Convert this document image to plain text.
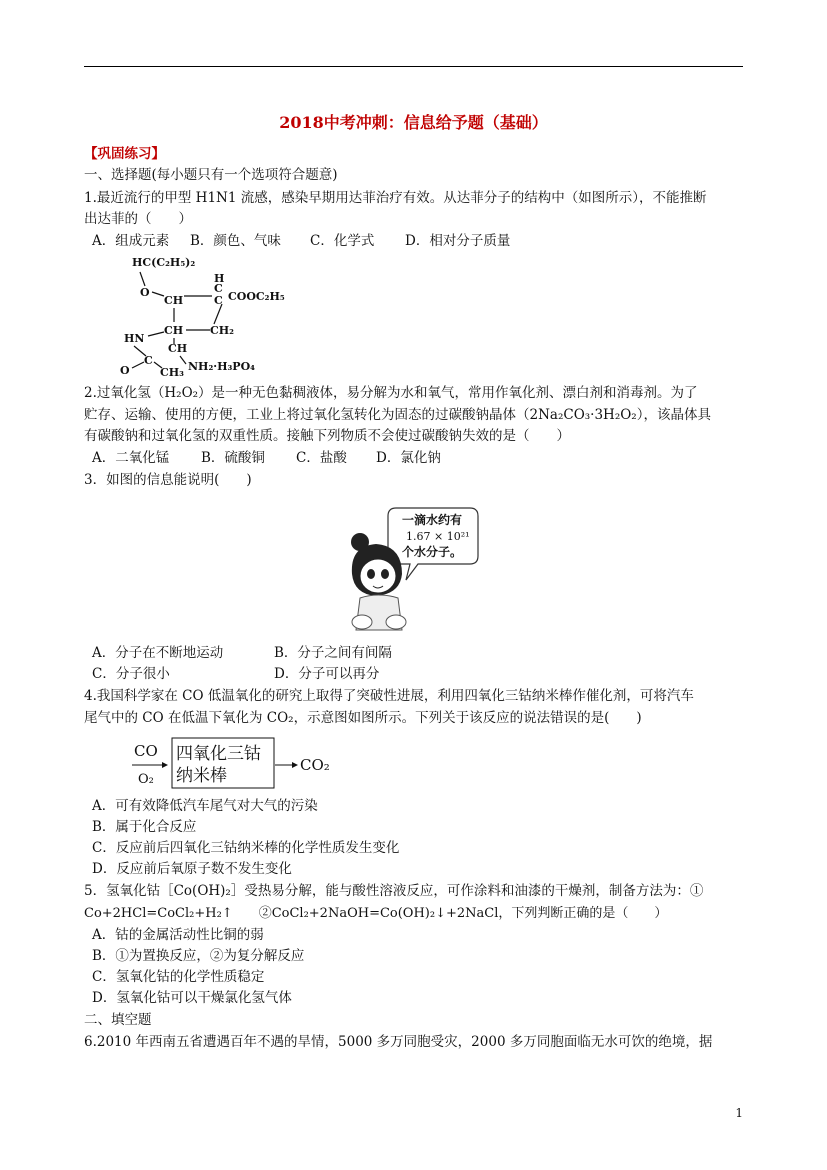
2018中考冲刺：信息给予题（基础）
【巩固练习】
一、选择题(每小题只有一个选项符合题意)
1.最近流行的甲型 H1N1 流感，感染早期用达菲治疗有效。从达菲分子的结构中（如图所示），不能推断
出达菲的（　　）
A．组成元素 B．颜色、气味 C．化学式 D．相对分子质量
HC(C₂H₅)₂
O
CH
C
H
C COOC₂H₅
CH₂
CH
HN
CH
O
C
CH₃ NH₂·H₃PO₄
2.过氧化氢（H₂O₂）是一种无色黏稠液体，易分解为水和氧气，常用作氧化剂、漂白剂和消毒剂。为了
贮存、运输、使用的方便，工业上将过氧化氢转化为固态的过碳酸钠晶体（2Na₂CO₃·3H₂O₂），该晶体具
有碳酸钠和过氧化氢的双重性质。接触下列物质不会使过碳酸钠失效的是（　　）
A．二氧化锰 B．硫酸铜 C．盐酸 D．氯化钠
3．如图的信息能说明(　　)
一滴水约有
1.67 × 10²¹
个水分子。
A．分子在不断地运动	B．分子之间有间隔
C．分子很小	D．分子可以再分
4.我国科学家在 CO 低温氧化的研究上取得了突破性进展，利用四氧化三钴纳米棒作催化剂，可将汽车
尾气中的 CO 在低温下氧化为 CO₂，示意图如图所示。下列关于该反应的说法错误的是(　　)
CO
O₂
四氧化三钴
纳米棒
CO₂
A．可有效降低汽车尾气对大气的污染
B．属于化合反应
C．反应前后四氧化三钴纳米棒的化学性质发生变化
D．反应前后氧原子数不发生变化
5．氢氧化钴［Co(OH)₂］受热易分解，能与酸性溶液反应，可作涂料和油漆的干燥剂，制备方法为：①
Co+2HCl=CoCl₂+H₂↑　　②CoCl₂+2NaOH=Co(OH)₂↓+2NaCl，下列判断正确的是（　　）
A．钴的金属活动性比铜的弱
B．①为置换反应，②为复分解反应
C．氢氧化钴的化学性质稳定
D．氢氧化钴可以干燥氯化氢气体
二、填空题
6.2010 年西南五省遭遇百年不遇的旱情，5000 多万同胞受灾，2000 多万同胞面临无水可饮的绝境，据
1
